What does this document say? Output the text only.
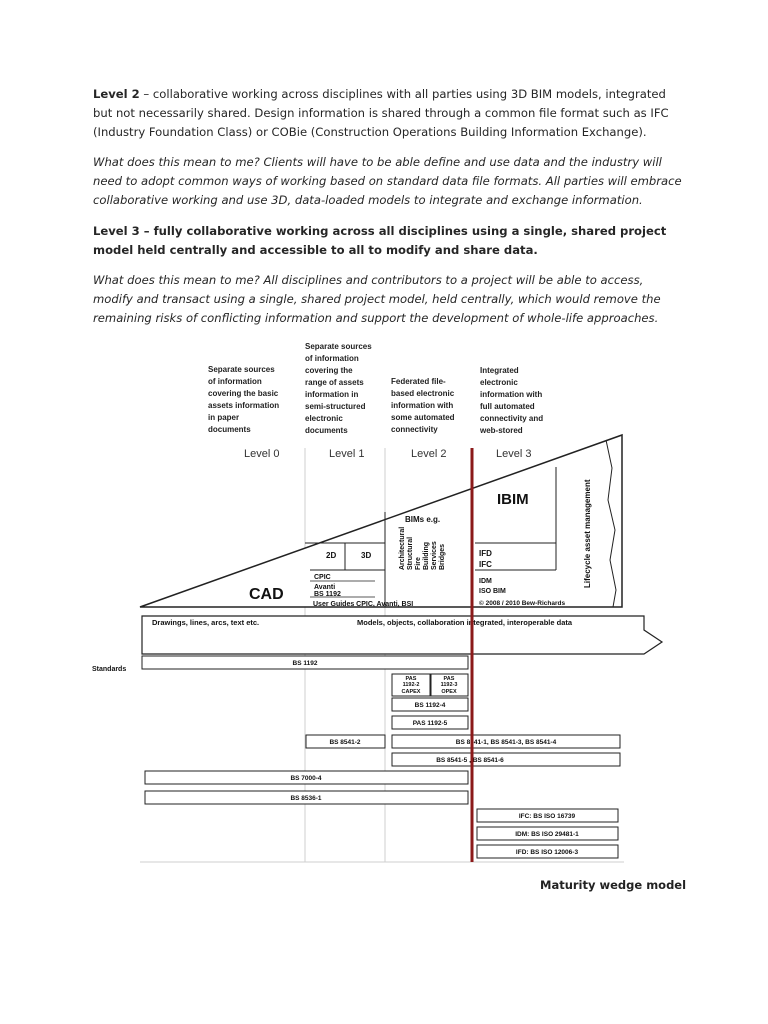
Level 2 – collaborative working across disciplines with all parties using 3D BIM models, integrated but not necessarily shared. Design information is shared through a common file format such as IFC (Industry Foundation Class) or COBie (Construction Operations Building Information Exchange).

What does this mean to me? Clients will have to be able define and use data and the industry will need to adopt common ways of working based on standard data file formats. All parties will embrace collaborative working and use 3D, data-loaded models to integrate and exchange information.

Level 3 – fully collaborative working across all disciplines using a single, shared project model held centrally and accessible to all to modify and share data.

What does this mean to me? All disciplines and contributors to a project will be able to access, modify and transact using a single, shared project model, held centrally, which would remove the remaining risks of conflicting information and support the development of whole-life approaches.

Separate sources of information covering the basic assets information in paper documents
Separate sources of information covering the range of assets information in semi-structured electronic documents
Federated file- based electronic information with some automated connectivity
Integrated electronic information with full automated connectivity and web-stored
Level 0	Level 1	Level 2	Level 3
CAD
2D	3D
CPIC
Avanti
BS 1192
User Guides CPIC, Avanti, BSI
BIMs e.g.
IBIM
IFD
IFC
IDM
ISO BIM
© 2008 / 2010 Bew-Richards
Architectural Structural Fire Building Services Bridges	Lifecycle asset management
Drawings, lines, arcs, text etc.	Models, objects, collaboration integrated, interoperable data
Standards
BS 1192
PAS
1192-2
CAPEX
PAS
1192-3
OPEX
BS 1192-4
PAS 1192-5
BS 8541-2	BS 8541-1, BS 8541-3, BS 8541-4
BS 8541-5 , BS 8541-6
BS 7000-4
BS 8536-1
IFC: BS ISO 16739
IDM: BS ISO 29481-1
IFD: BS ISO 12006-3
Maturity wedge model
